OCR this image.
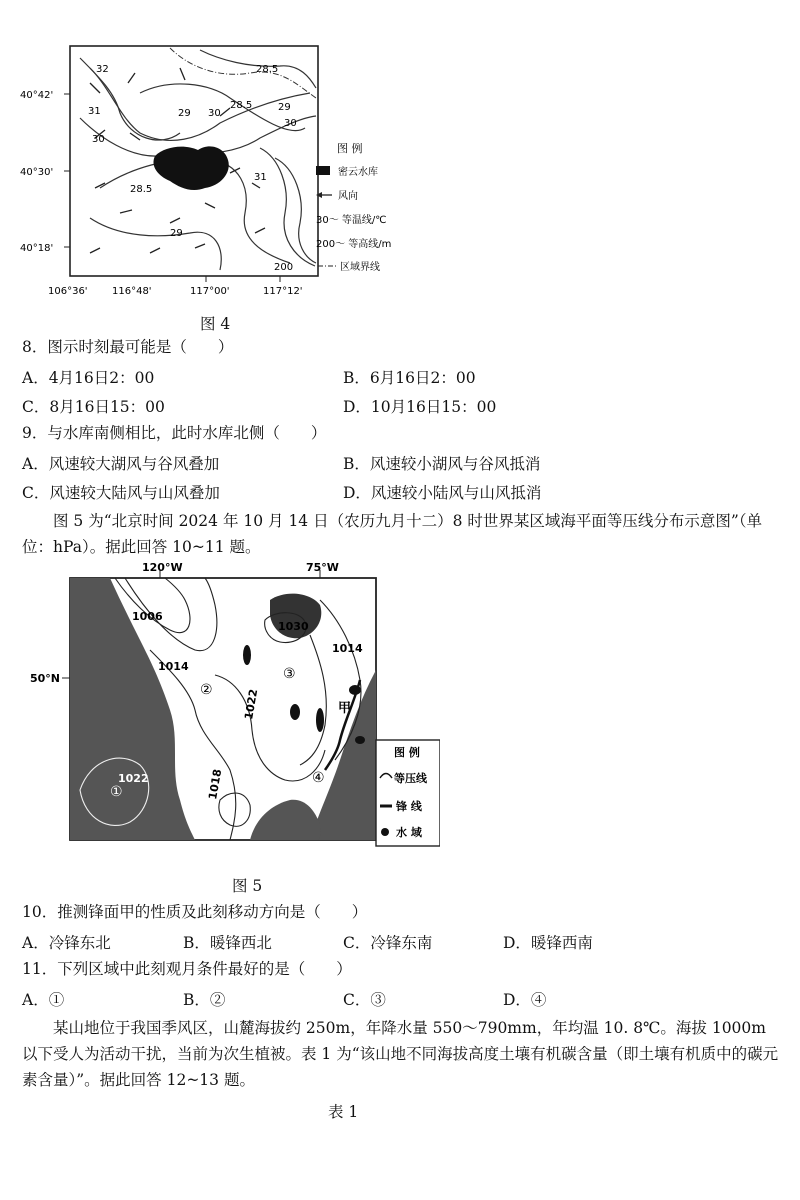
40°42'
40°30'
40°18'
106°36' 116°48'	117°00'	117°12'
32
31
30
28.5
29
28.5
29
30
31
30
29
28.5
200
图 例
密云水库
风向
30～ 等温线/℃
200～ 等高线/m
区域界线
图 4
8．图示时刻最可能是（　　）
A．4月16日2：00	B．6月16日2：00
C．8月16日15：00	D．10月16日15：00
9．与水库南侧相比，此时水库北侧（　　）
A．风速较大湖风与谷风叠加	B．风速较小湖风与谷风抵消
C．风速较大陆风与山风叠加	D．风速较小陆风与山风抵消
图 5 为“北京时间 2024 年 10 月 14 日（农历九月十二）8 时世界某区域海平面等压线分布示意图”（单位：hPa）。据此回答 10~11 题。
120°W	75°W
50°N
1006
1014
1030
1014
1022
1022
1018
①
②
③
④
甲
图 例
等压线
锋 线
水 域
图 5
10．推测锋面甲的性质及此刻移动方向是（　　）
A．冷锋东北	B．暖锋西北	C．冷锋东南	D．暖锋西南
11．下列区域中此刻观月条件最好的是（　　）
A．①	B．②	C．③	D．④
某山地位于我国季风区，山麓海拔约 250m，年降水量 550～790mm，年均温 10. 8℃。海拔 1000m 以下受人为活动干扰，当前为次生植被。表 1 为“该山地不同海拔高度土壤有机碳含量（即土壤有机质中的碳元素含量）”。据此回答 12~13 题。
表 1
